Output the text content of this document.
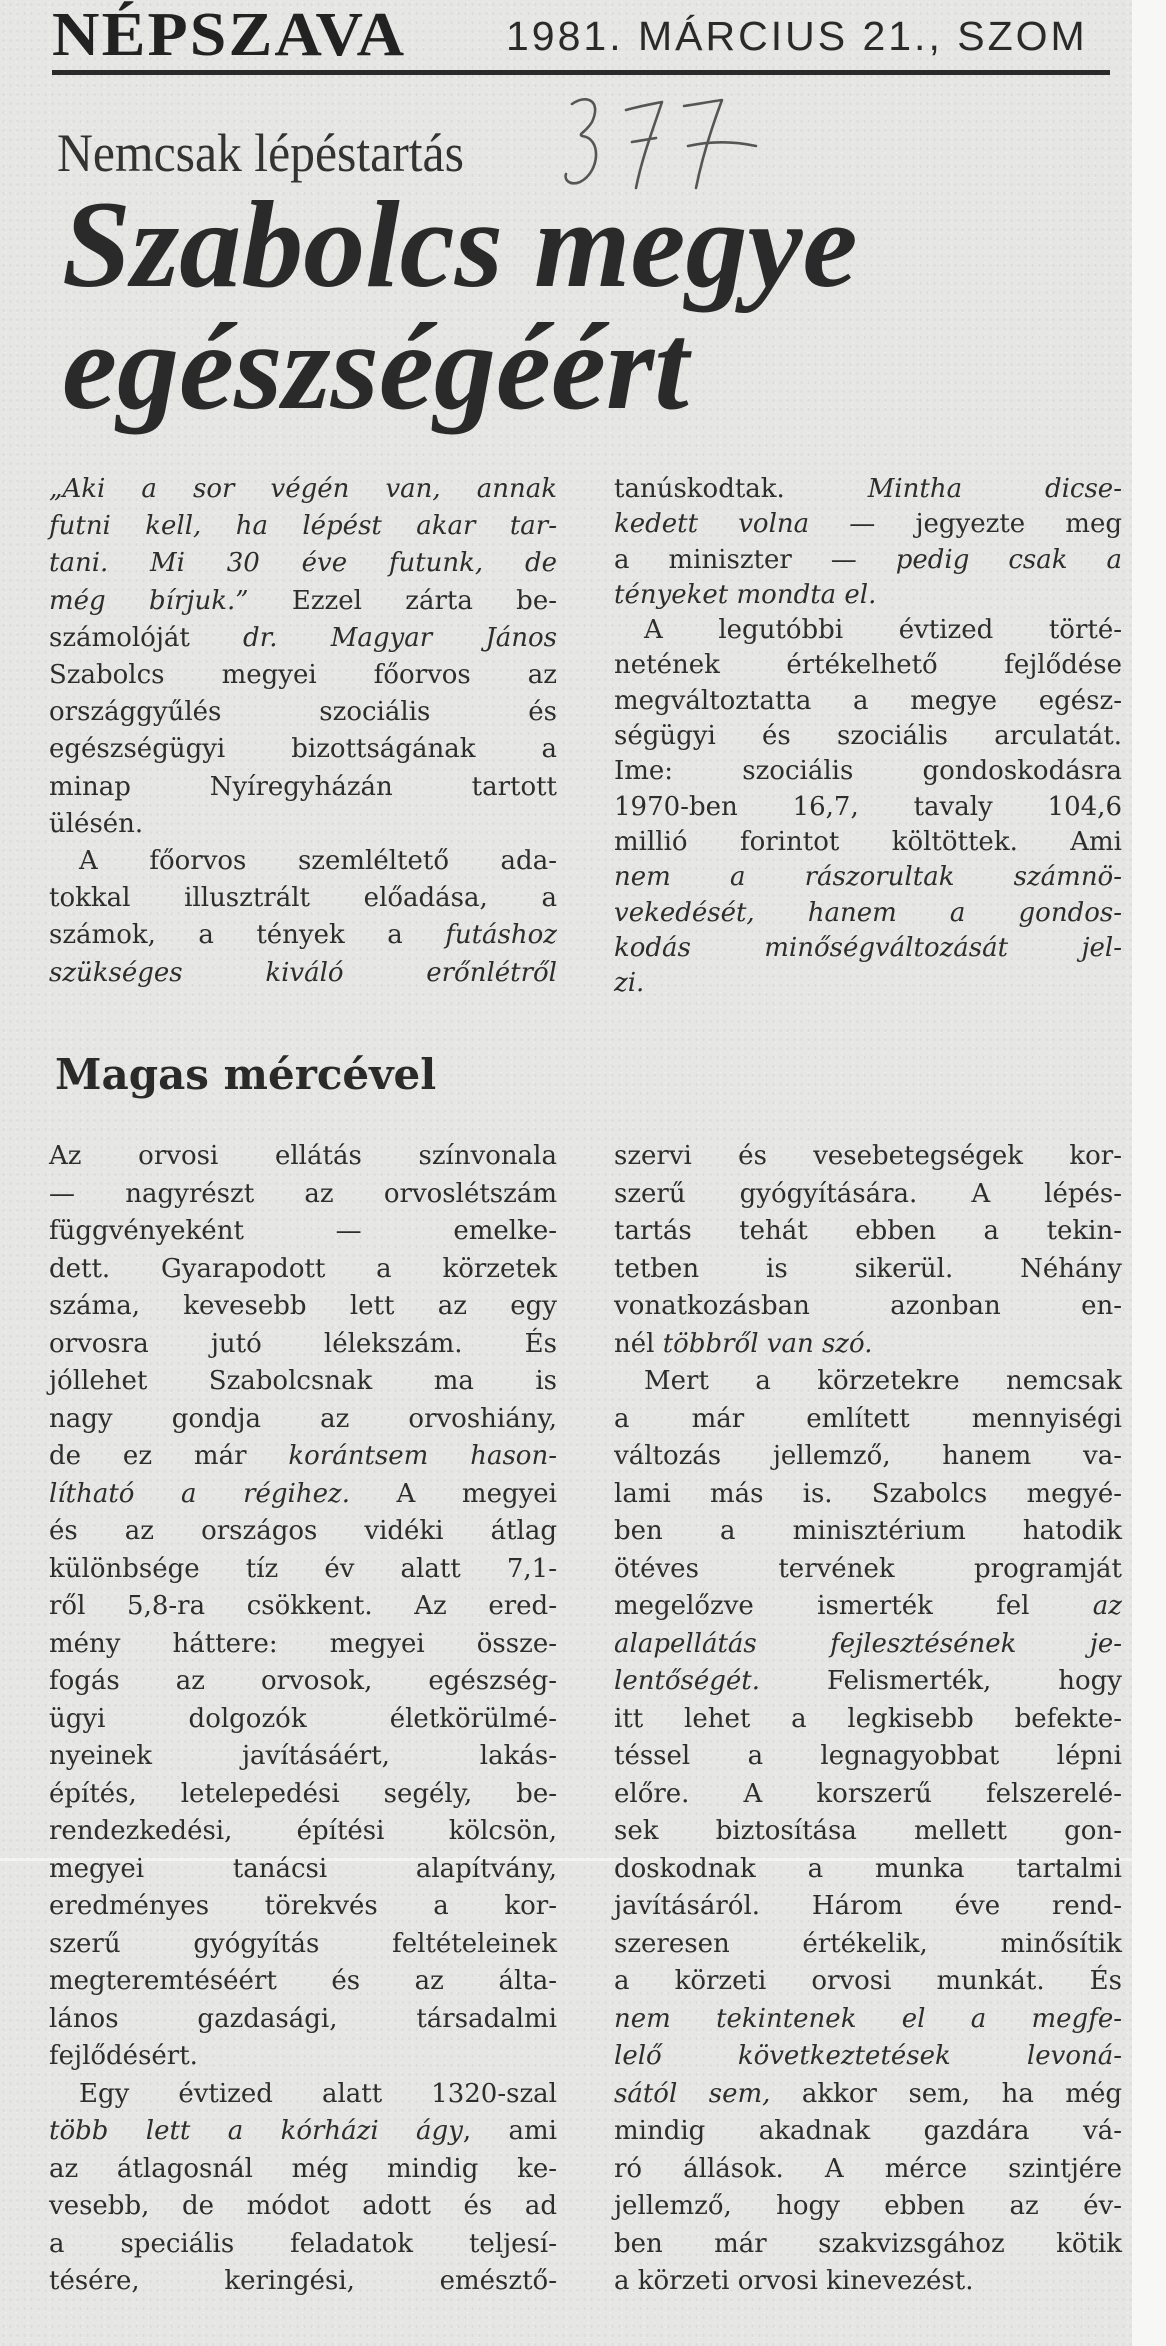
NÉPSZAVA 1981. MÁRCIUS 21., SZOM
Nemcsak lépéstartás
Szabolcs megye
egészségéért
„Aki a sor végén van, annak
futni kell, ha lépést akar tar-
tani. Mi 30 éve futunk, de
még bírjuk.” Ezzel zárta be-
számolóját dr. Magyar János
Szabolcs megyei főorvos az
országgyűlés szociális és
egészségügyi bizottságának a
minap Nyíregyházán tartott
ülésén.
A főorvos szemléltető ada-
tokkal illusztrált előadása, a
számok, a tények a futáshoz
szükséges kiváló erőnlétről
tanúskodtak. Mintha dicse-
kedett volna — jegyezte meg
a miniszter — pedig csak a
tényeket mondta el.
A legutóbbi évtized törté-
netének értékelhető fejlődése
megváltoztatta a megye egész-
ségügyi és szociális arculatát.
Ime: szociális gondoskodásra
1970-ben 16,7, tavaly 104,6
millió forintot költöttek. Ami
nem a rászorultak számnö-
vekedését, hanem a gondos-
kodás minőségváltozását jel-
zi.
Magas mércével
Az orvosi ellátás színvonala
— nagyrészt az orvoslétszám
függvényeként — emelke-
dett. Gyarapodott a körzetek
száma, kevesebb lett az egy
orvosra jutó lélekszám. És
jóllehet Szabolcsnak ma is
nagy gondja az orvoshiány,
de ez már korántsem hason-
lítható a régihez. A megyei
és az országos vidéki átlag
különbsége tíz év alatt 7,1-
ről 5,8-ra csökkent. Az ered-
mény háttere: megyei össze-
fogás az orvosok, egészség-
ügyi dolgozók életkörülmé-
nyeinek javításáért, lakás-
építés, letelepedési segély, be-
rendezkedési, építési kölcsön,
megyei tanácsi alapítvány,
eredményes törekvés a kor-
szerű gyógyítás feltételeinek
megteremtéséért és az álta-
lános gazdasági, társadalmi
fejlődésért.
Egy évtized alatt 1320-szal
több lett a kórházi ágy, ami
az átlagosnál még mindig ke-
vesebb, de módot adott és ad
a speciális feladatok teljesí-
tésére, keringési, emésztő-
szervi és vesebetegségek kor-
szerű gyógyítására. A lépés-
tartás tehát ebben a tekin-
tetben is sikerül. Néhány
vonatkozásban azonban en-
nél többről van szó.
Mert a körzetekre nemcsak
a már említett mennyiségi
változás jellemző, hanem va-
lami más is. Szabolcs megyé-
ben a minisztérium hatodik
ötéves tervének programját
megelőzve ismerték fel az
alapellátás fejlesztésének je-
lentőségét. Felismerték, hogy
itt lehet a legkisebb befekte-
téssel a legnagyobbat lépni
előre. A korszerű felszerelé-
sek biztosítása mellett gon-
doskodnak a munka tartalmi
javításáról. Három éve rend-
szeresen értékelik, minősítik
a körzeti orvosi munkát. És
nem tekintenek el a megfe-
lelő következtetések levoná-
sától sem, akkor sem, ha még
mindig akadnak gazdára vá-
ró állások. A mérce szintjére
jellemző, hogy ebben az év-
ben már szakvizsgához kötik
a körzeti orvosi kinevezést.
